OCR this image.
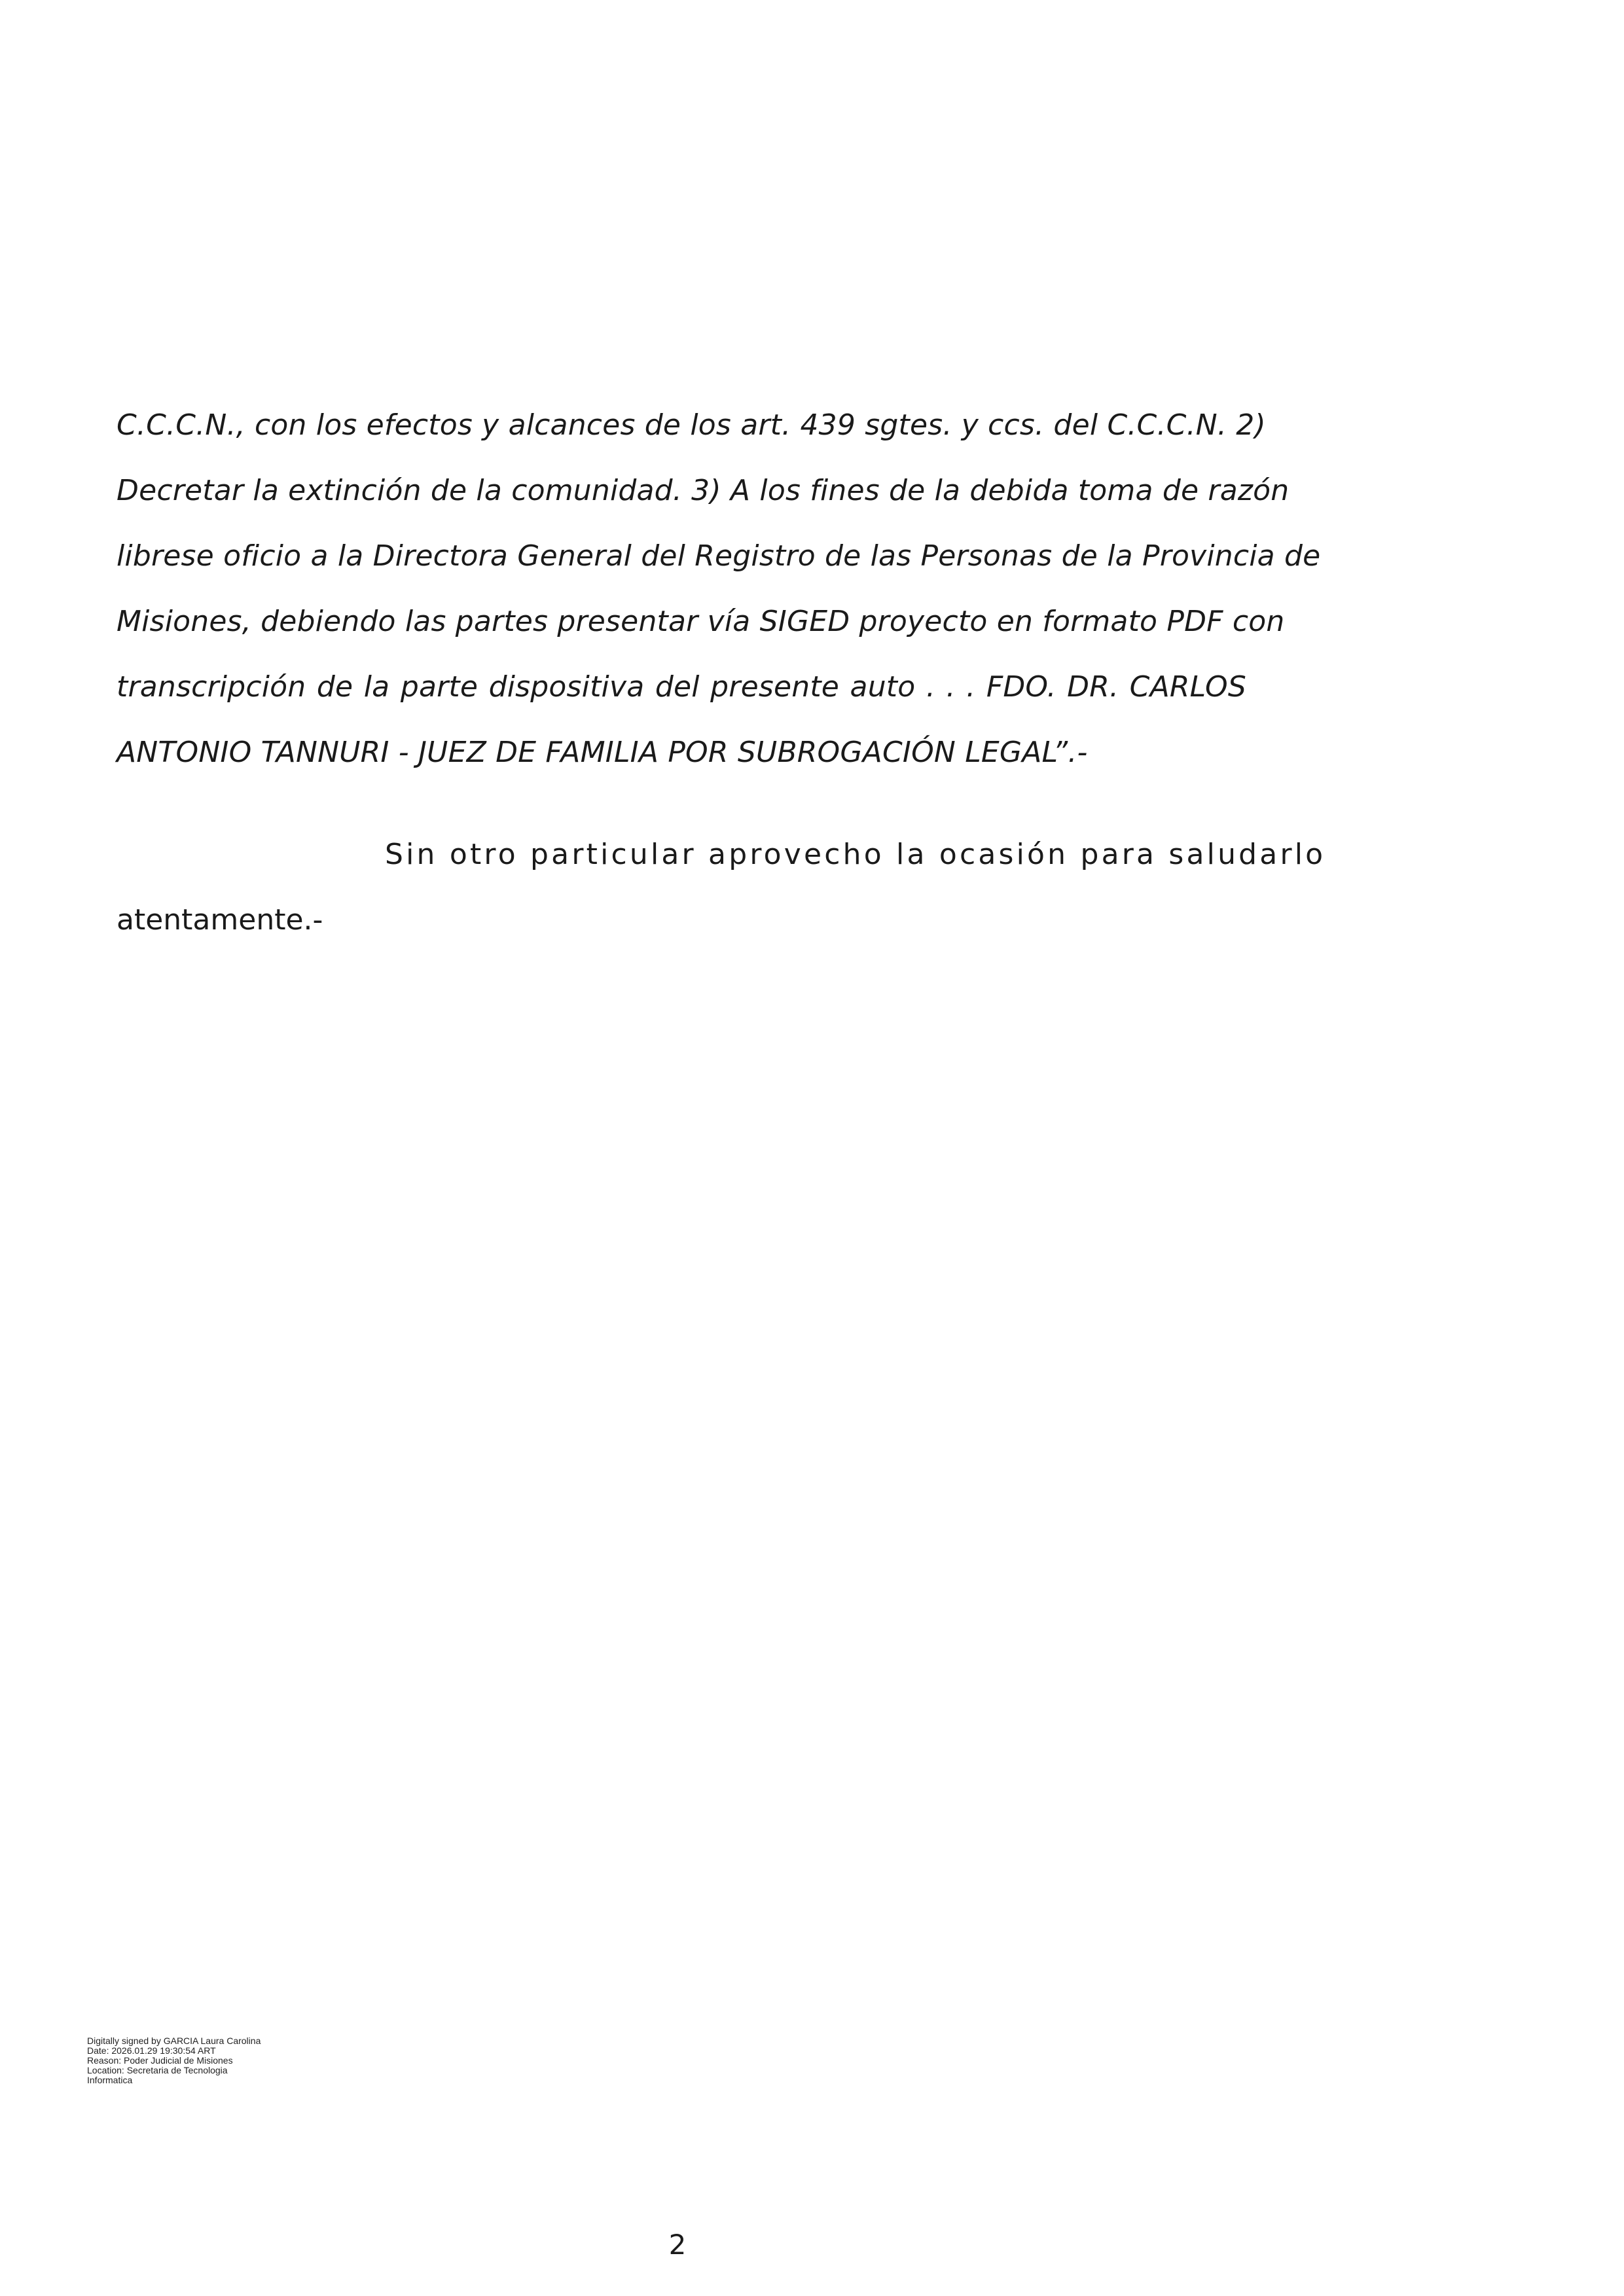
C.C.C.N., con los efectos y alcances de los art. 439 sgtes. y ccs. del C.C.C.N. 2)
Decretar la extinción de la comunidad. 3) A los fines de la debida toma de razón
librese oficio a la Directora General del Registro de las Personas de la Provincia de
Misiones, debiendo las partes presentar vía SIGED proyecto en formato PDF con
transcripción de la parte dispositiva del presente auto . . . FDO. DR. CARLOS
ANTONIO TANNURI - JUEZ DE FAMILIA POR SUBROGACIÓN LEGAL”.-
Sin otro particular aprovecho la ocasión para saludarlo
atentamente.-
Digitally signed by GARCIA Laura Carolina
Date: 2026.01.29 19:30:54 ART
Reason: Poder Judicial de Misiones
Location: Secretaria de Tecnologia
Informatica
2
